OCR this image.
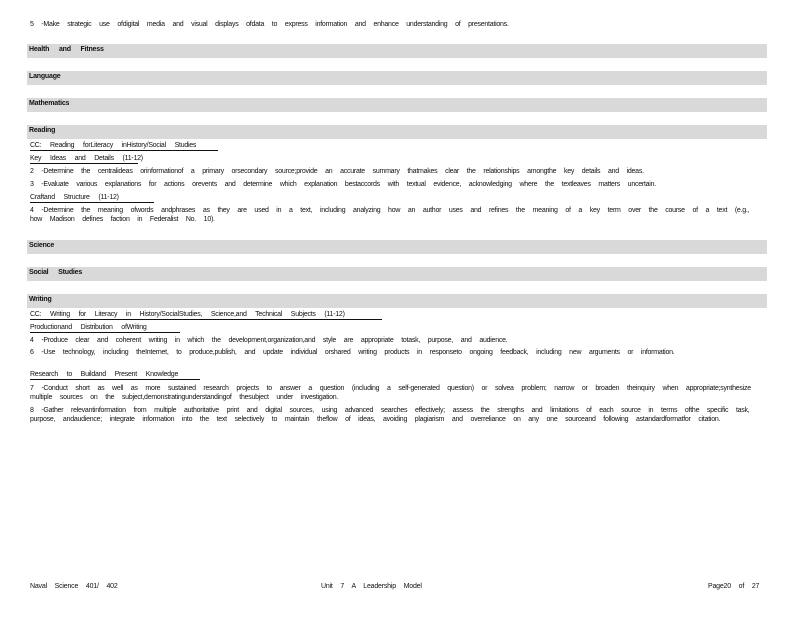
5 -Make strategic use ofdigital media and visual displays ofdata to express information and enhance understanding of presentations.
Health and Fitness
Language
Mathematics
Reading
CC: Reading forLiteracy inHistory/Social Studies
Key Ideas and Details (11-12)
2 -Determine the centralideas orinformationof a primary orsecondary source;provide an accurate summary thatmakes clear the relationships amongthe key details and ideas.
3 -Evaluate various explanations for actions orevents and determine which explanation bestaccords with textual evidence, acknowledging where the textleaves matters uncertain.
Craftand Structure (11-12)
4 -Determine the meaning ofwords andphrases as they are used in a text, including analyzing how an author uses and refines the meaning of a key term over the course of a text (e.g., how Madison defines faction in Federalist No. 10).
Science
Social Studies
Writing
CC: Writing for Literacy in History/SocialStudies, Science,and Technical Subjects (11-12)
Productionand Distribution ofWriting
4 -Produce clear and coherent writing in which the development,organization,and style are appropriate totask, purpose, and audience.
6 -Use technology, including theInternet, to produce,publish, and update individual orshared writing products in responseto ongoing feedback, including new arguments or information.
Research to Buildand Present Knowledge
7 -Conduct short as well as more sustained research projects to answer a question (including a self-generated question) or solvea problem; narrow or broaden theinquiry when appropriate;synthesize multiple sources on the subject,demonstratingunderstandingof thesubject under investigation.
8 -Gather relevantinformation from multiple authoritative print and digital sources, using advanced searches effectively; assess the strengths and limitations of each source in terms ofthe specific task, purpose, andaudience; integrate information into the text selectively to maintain theflow of ideas, avoiding plagiarism and overreliance on any one sourceand following astandardformatfor citation.
Naval Science 401/ 402	Unit 7 A Leadership Model	Page20 of 27
